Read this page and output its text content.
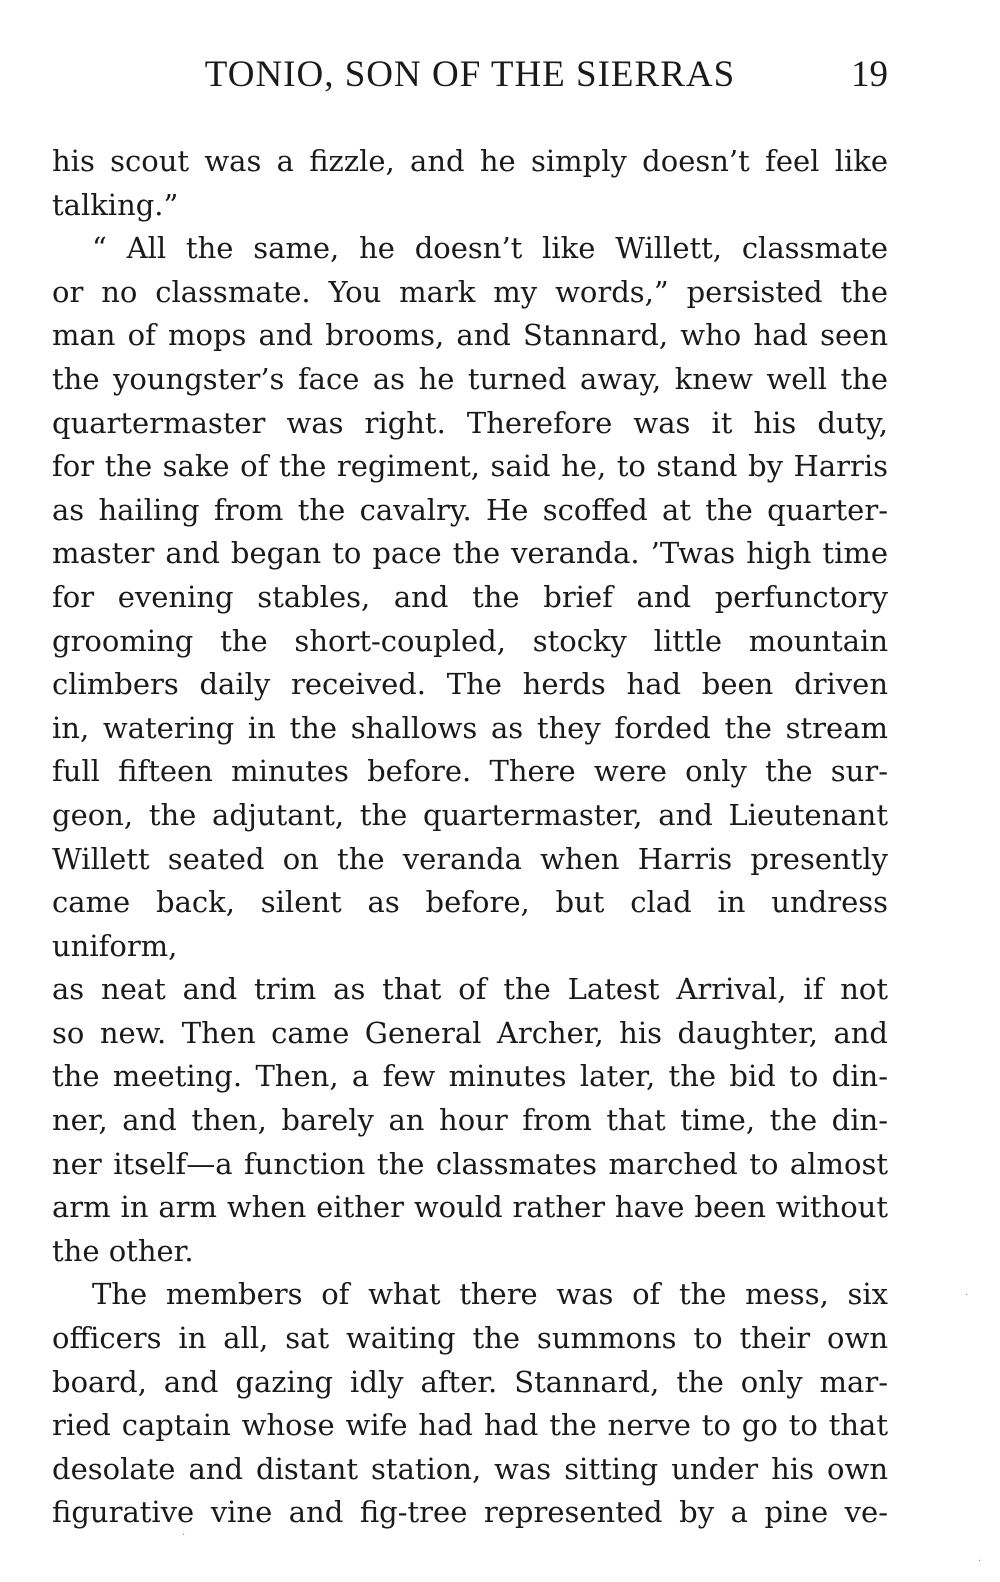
TONIO, SON OF THE SIERRAS	19

his scout was a fizzle, and he simply doesn’t feel like

talking.”

“ All the same, he doesn’t like Willett, classmate

or no classmate. You mark my words,” persisted the

man of mops and brooms, and Stannard, who had seen

the youngster’s face as he turned away, knew well the

quartermaster was right. Therefore was it his duty,

for the sake of the regiment, said he, to stand by Harris

as hailing from the cavalry. He scoffed at the quarter-

master and began to pace the veranda. ’Twas high time

for evening stables, and the brief and perfunctory

grooming the short-coupled, stocky little mountain

climbers daily received. The herds had been driven

in, watering in the shallows as they forded the stream

full fifteen minutes before. There were only the sur-

geon, the adjutant, the quartermaster, and Lieutenant

Willett seated on the veranda when Harris presently

came back, silent as before, but clad in undress uniform,

as neat and trim as that of the Latest Arrival, if not

so new. Then came General Archer, his daughter, and

the meeting. Then, a few minutes later, the bid to din-

ner, and then, barely an hour from that time, the din-

ner itself—a function the classmates marched to almost

arm in arm when either would rather have been without

the other.

The members of what there was of the mess, six

officers in all, sat waiting the summons to their own

board, and gazing idly after. Stannard, the only mar-

ried captain whose wife had had the nerve to go to that

desolate and distant station, was sitting under his own

figurative vine and fig-tree represented by a pine ve-

·
·
·
